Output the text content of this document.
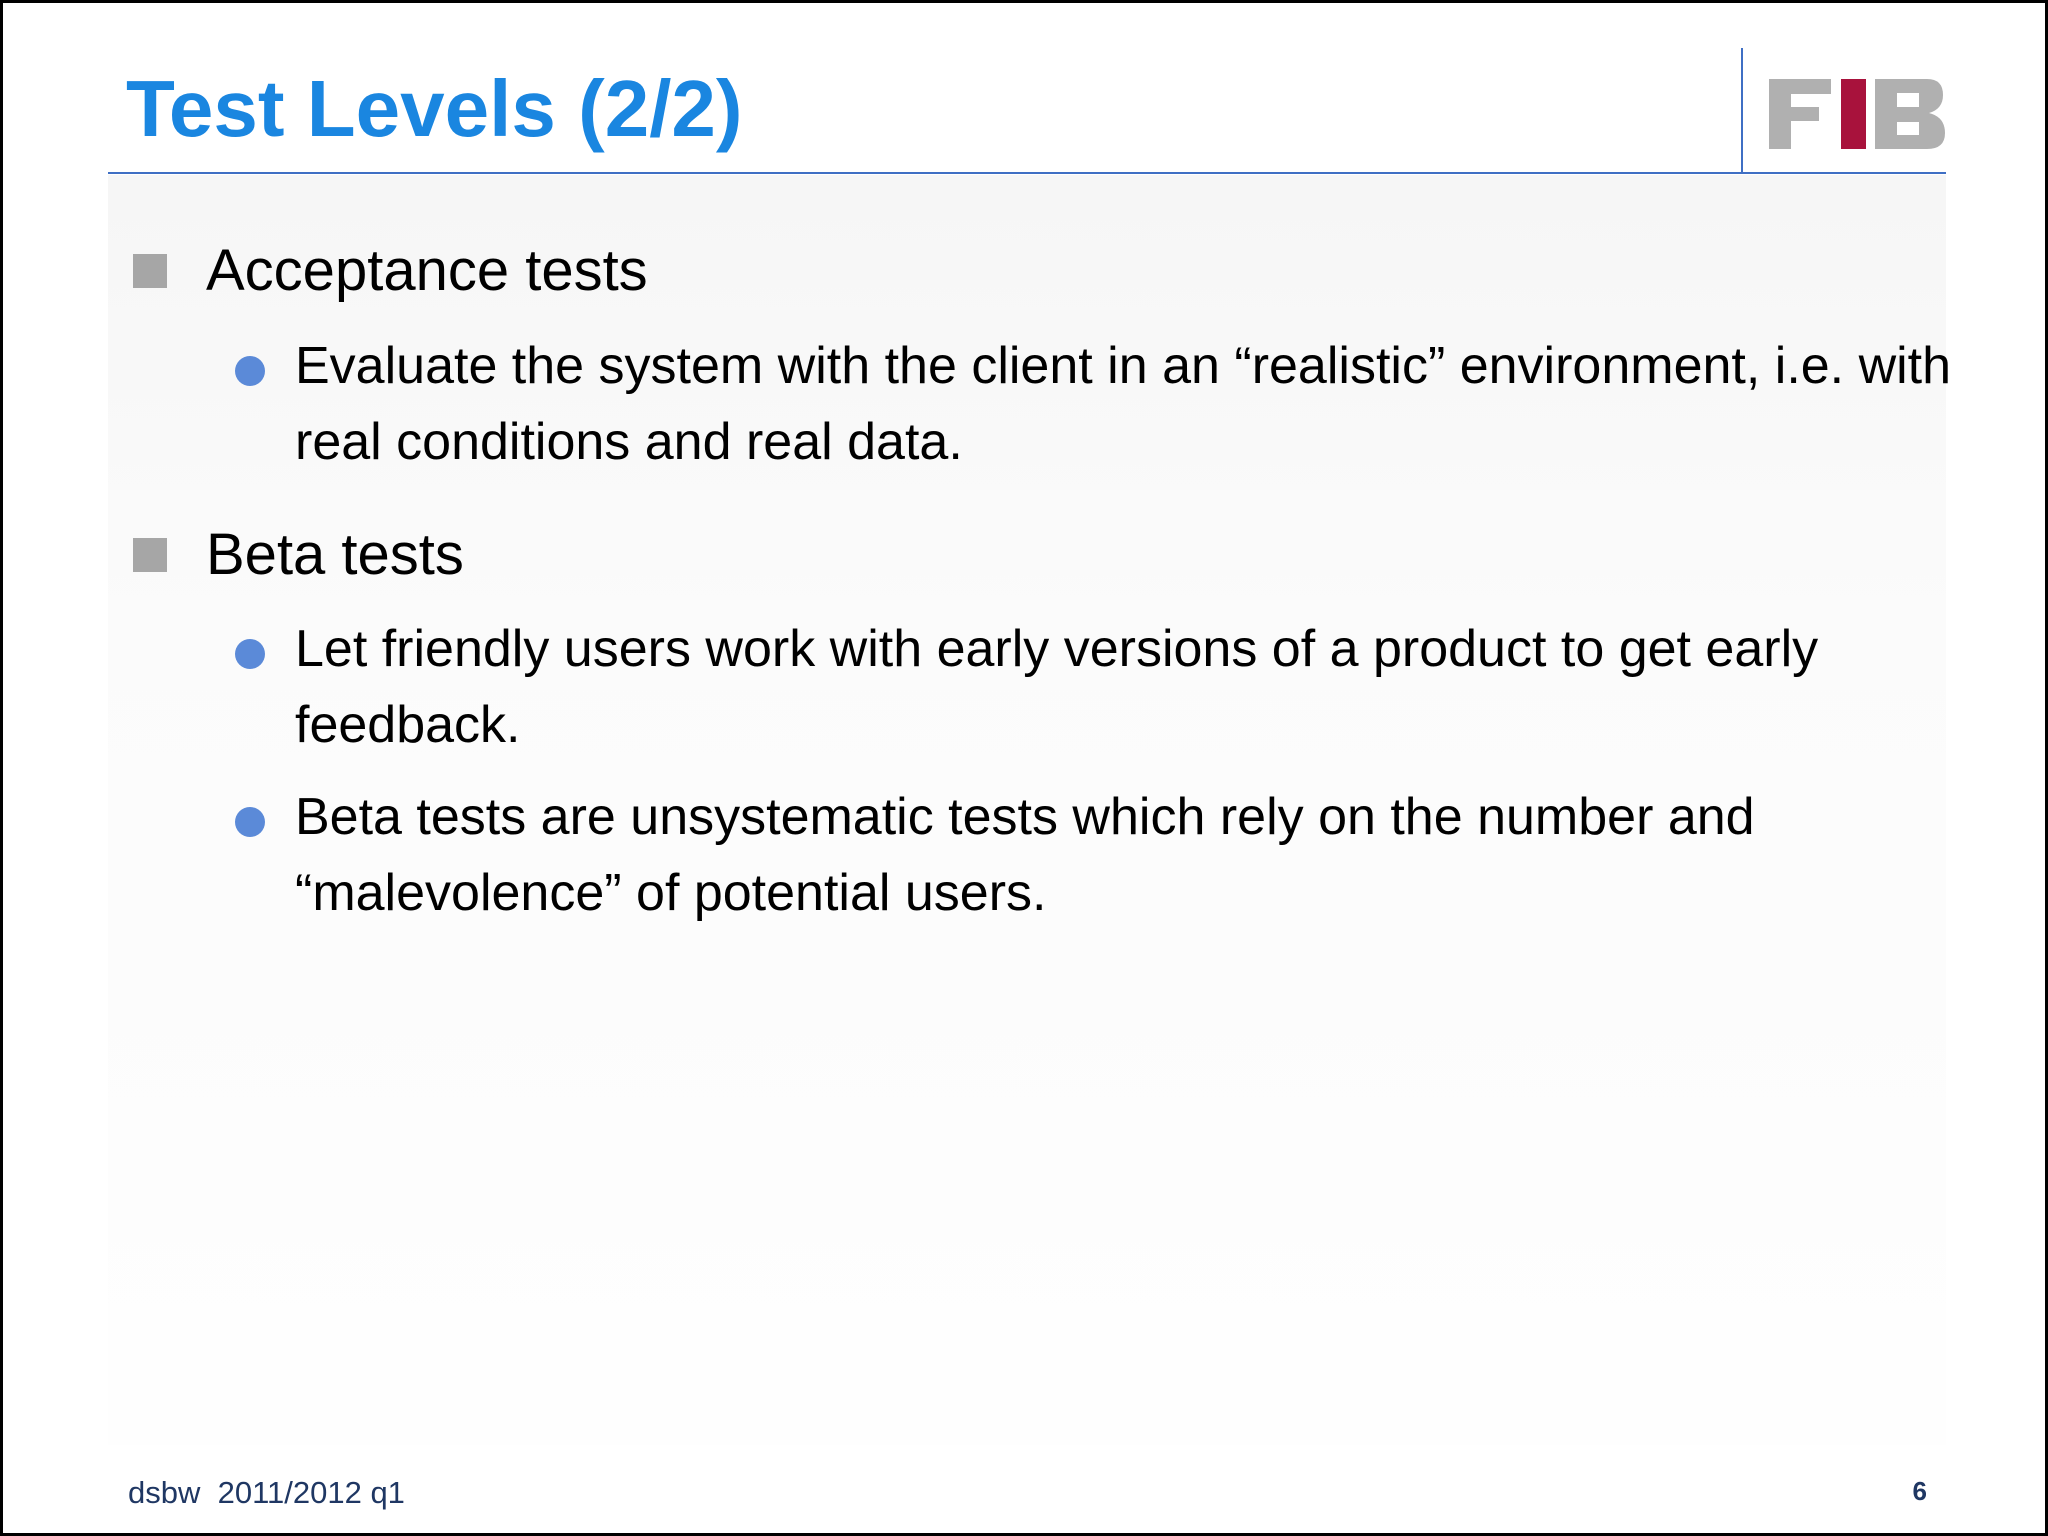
Test Levels (2/2)
Acceptance tests
Evaluate the system with the client in an “realistic” environment, i.e. with real conditions and real data.
Beta tests
Let friendly users work with early versions of a product to get early feedback.
Beta tests are unsystematic tests which rely on the number and “malevolence” of potential users.
dsbw  2011/2012 q1	6
